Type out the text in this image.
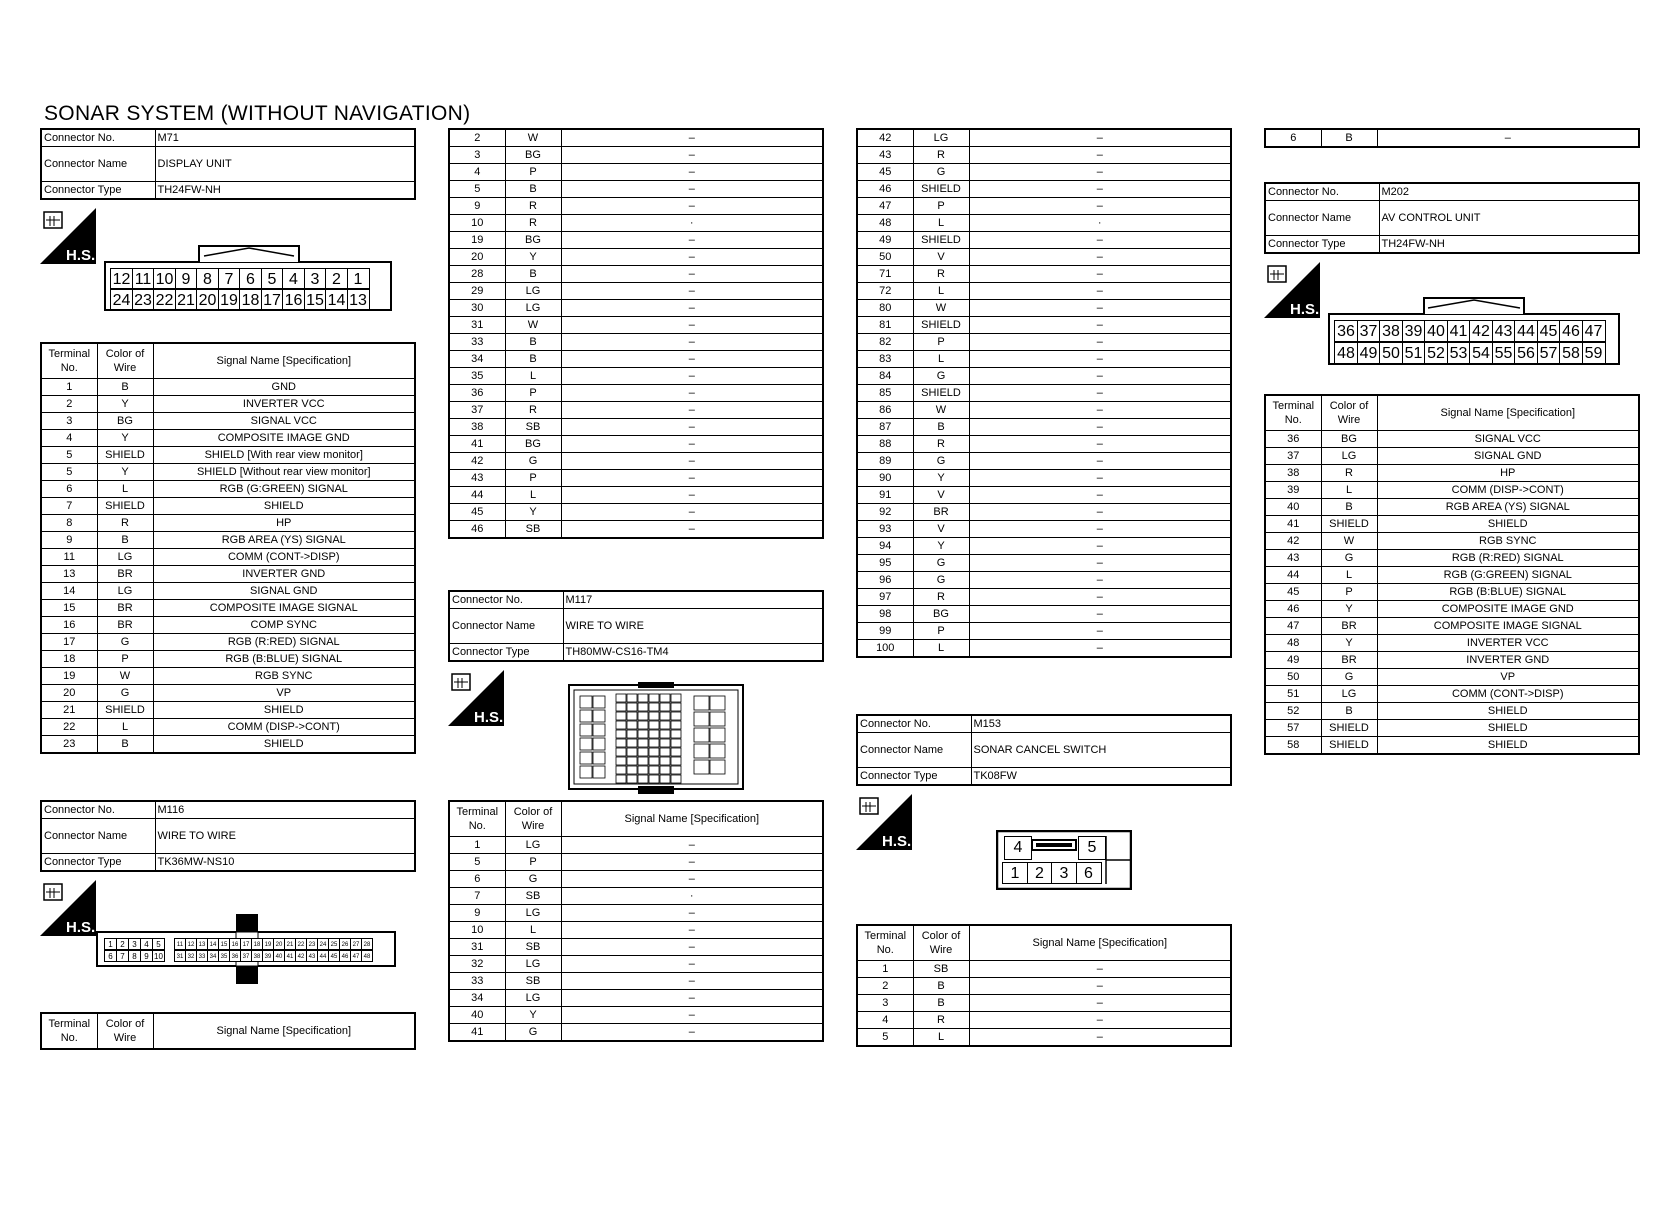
SONAR SYSTEM (WITHOUT NAVIGATION)
Connector No.	M71
Connector Name	DISPLAY UNIT
Connector Type	TH24FW-NH
H.S.
12 11 10 9 8 7 6 5 4 3 2 1
24 23 22 21 20 19 18 17 16 15 14 13
Terminal No.	Color of Wire	Signal Name [Specification]
1	B	GND
2	Y	INVERTER VCC
3	BG	SIGNAL VCC
4	Y	COMPOSITE IMAGE GND
5	SHIELD	SHIELD [With rear view monitor]
5	Y	SHIELD [Without rear view monitor]
6	L	RGB (G:GREEN) SIGNAL
7	SHIELD	SHIELD
8	R	HP
9	B	RGB AREA (YS) SIGNAL
11	LG	COMM (CONT->DISP)
13	BR	INVERTER GND
14	LG	SIGNAL GND
15	BR	COMPOSITE IMAGE SIGNAL
16	BR	COMP SYNC
17	G	RGB (R:RED) SIGNAL
18	P	RGB (B:BLUE) SIGNAL
19	W	RGB SYNC
20	G	VP
21	SHIELD	SHIELD
22	L	COMM (DISP->CONT)
23	B	SHIELD
Connector No.	M116
Connector Name	WIRE TO WIRE
Connector Type	TK36MW-NS10
H.S.
1 2 3 4 5
6 7 8 9 10
11 12 13 14 15 16 17 18 19 20 21 22 23 24 25 26 27 28
31 32 33 34 35 36 37 38 39 40 41 42 43 44 45 46 47 48
Terminal No.	Color of Wire	Signal Name [Specification]
2	W	–
3	BG	–
4	P	–
5	B	–
9	R	–
10	R	·
19	BG	–
20	Y	–
28	B	–
29	LG	–
30	LG	–
31	W	–
33	B	–
34	B	–
35	L	–
36	P	–
37	R	–
38	SB	–
41	BG	–
42	G	–
43	P	–
44	L	–
45	Y	–
46	SB	–
Connector No.	M117
Connector Name	WIRE TO WIRE
Connector Type	TH80MW-CS16-TM4
H.S.
Terminal No.	Color of Wire	Signal Name [Specification]
1	LG	–
5	P	–
6	G	–
7	SB	·
9	LG	–
10	L	–
31	SB	–
32	LG	–
33	SB	–
34	LG	–
40	Y	–
41	G	–
42	LG	–
43	R	–
45	G	–
46	SHIELD	–
47	P	–
48	L	·
49	SHIELD	–
50	V	–
71	R	–
72	L	–
80	W	–
81	SHIELD	–
82	P	–
83	L	–
84	G	–
85	SHIELD	–
86	W	–
87	B	–
88	R	–
89	G	–
90	Y	–
91	V	–
92	BR	–
93	V	–
94	Y	–
95	G	–
96	G	–
97	R	–
98	BG	–
99	P	–
100	L	–
Connector No.	M153
Connector Name	SONAR CANCEL SWITCH
Connector Type	TK08FW
H.S.	4	5
1 2 3 6
Terminal No.	Color of Wire	Signal Name [Specification]
1	SB	–
2	B	–
3	B	–
4	R	–
5	L	–
6	B	–
Connector No.	M202
Connector Name	AV CONTROL UNIT
Connector Type	TH24FW-NH
H.S.
36 37 38 39 40 41 42 43 44 45 46 47
48 49 50 51 52 53 54 55 56 57 58 59
Terminal No.	Color of Wire	Signal Name [Specification]
36	BG	SIGNAL VCC
37	LG	SIGNAL GND
38	R	HP
39	L	COMM (DISP->CONT)
40	B	RGB AREA (YS) SIGNAL
41	SHIELD	SHIELD
42	W	RGB SYNC
43	G	RGB (R:RED) SIGNAL
44	L	RGB (G:GREEN) SIGNAL
45	P	RGB (B:BLUE) SIGNAL
46	Y	COMPOSITE IMAGE GND
47	BR	COMPOSITE IMAGE SIGNAL
48	Y	INVERTER VCC
49	BR	INVERTER GND
50	G	VP
51	LG	COMM (CONT->DISP)
52	B	SHIELD
57	SHIELD	SHIELD
58	SHIELD	SHIELD
